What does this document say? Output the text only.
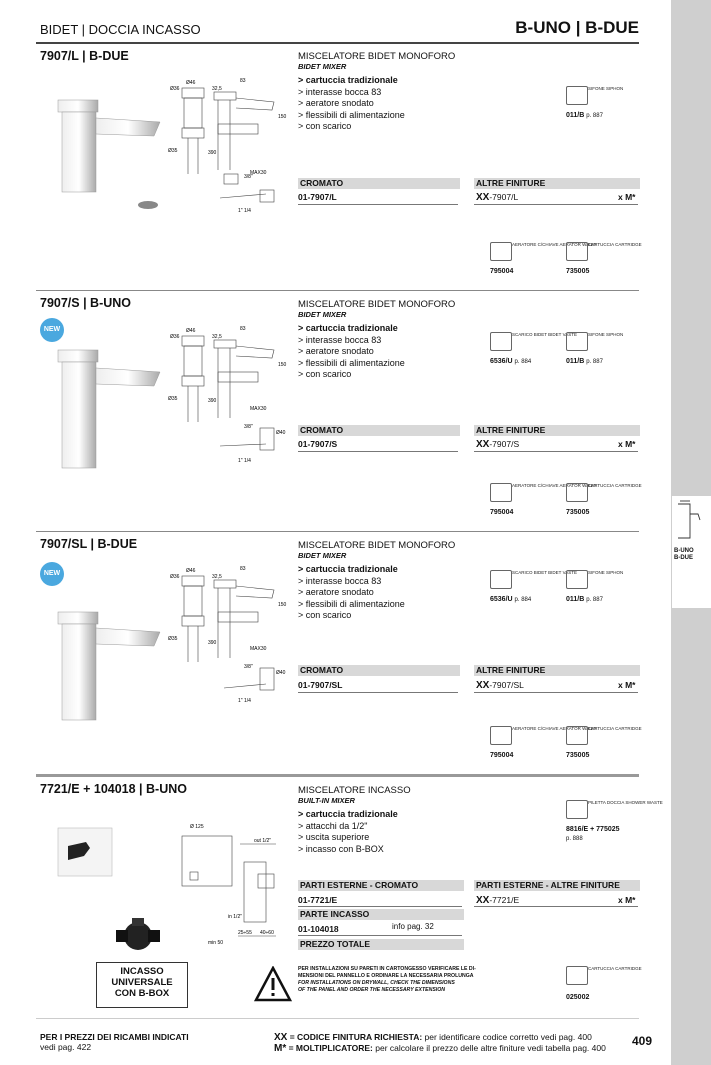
BIDET | DOCCIA INCASSO	B-UNO | B-DUE
B-UNO
B-DUE
7907/L | B-DUE
Ø46
Ø36
83
32,5
Ø35	390
MAX30
3/8"
1" 1/4
150
MISCELATORE BIDET MONOFORO
BIDET MIXER
> cartuccia tradizionale
> interasse bocca 83
> aeratore snodato
> flessibili di alimentazione
> con scarico
SIFONE SIPHON
011/B p. 887
CROMATO	ALTRE FINITURE
01-7907/L	XX-7907/L	x M*
AERATORE C/CHIAVE AERATOR W/KEY
795004
CARTUCCIA CARTRIDGE
735005
7907/S | B-UNO
NEW	Ø46
Ø36
83
32,5
Ø35	390
MAX30
3/8"
1" 1/4
Ø40
150
MISCELATORE BIDET MONOFORO
BIDET MIXER
> cartuccia tradizionale
> interasse bocca 83
> aeratore snodato
> flessibili di alimentazione
> con scarico
SCARICO BIDET BIDET VASTE
6536/U p. 884
SIFONE SIPHON
011/B p. 887
CROMATO	ALTRE FINITURE
01-7907/S	XX-7907/S	x M*
AERATORE C/CHIAVE AERATOR W/KEY
795004
CARTUCCIA CARTRIDGE
735005
7907/SL | B-DUE
NEW	Ø46
Ø36
83
32,5
Ø35
390
MAX30
3/8"
1" 1/4
Ø40
150
MISCELATORE BIDET MONOFORO
BIDET MIXER
> cartuccia tradizionale
> interasse bocca 83
> aeratore snodato
> flessibili di alimentazione
> con scarico
SCARICO BIDET BIDET VASTE
6536/U p. 884
SIFONE SIPHON
011/B p. 887
CROMATO	ALTRE FINITURE
01-7907/SL	XX-7907/SL	x M*
AERATORE C/CHIAVE AERATOR W/KEY
795004
CARTUCCIA CARTRIDGE
735005
7721/E + 104018 | B-UNO
Ø 125
out 1/2"
in 1/2"
min 50
25÷55 40÷60
MISCELATORE INCASSO
BUILT-IN MIXER
> cartuccia tradizionale
> attacchi da 1/2"
> uscita superiore
> incasso con B-BOX
PILETTA DOCCIA SHOWER WASTE
8816/E + 775025
p. 888
PARTI ESTERNE - CROMATO	PARTI ESTERNE - ALTRE FINITURE
01-7721/E	XX-7721/E	x M*
PARTE INCASSO
01-104018	info pag. 32
PREZZO TOTALE
INCASSO
UNIVERSALE
CON B-BOX
PER INSTALLAZIONI SU PARETI IN CARTONGESSO VERIFICARE LE DI-
MENSIONI DEL PANNELLO E ORDINARE LA NECESSARIA PROLUNGA
FOR INSTALLATIONS ON DRYWALL, CHECK THE DIMENSIONS
OF THE PANEL AND ORDER THE NECESSARY EXTENSION
CARTUCCIA CARTRIDGE
025002
PER I PREZZI DEI RICAMBI INDICATI
vedi pag. 422
XX = CODICE FINITURA RICHIESTA: per identificare codice corretto vedi pag. 400
M* = MOLTIPLICATORE: per calcolare il prezzo delle altre finiture vedi tabella pag. 400 409
